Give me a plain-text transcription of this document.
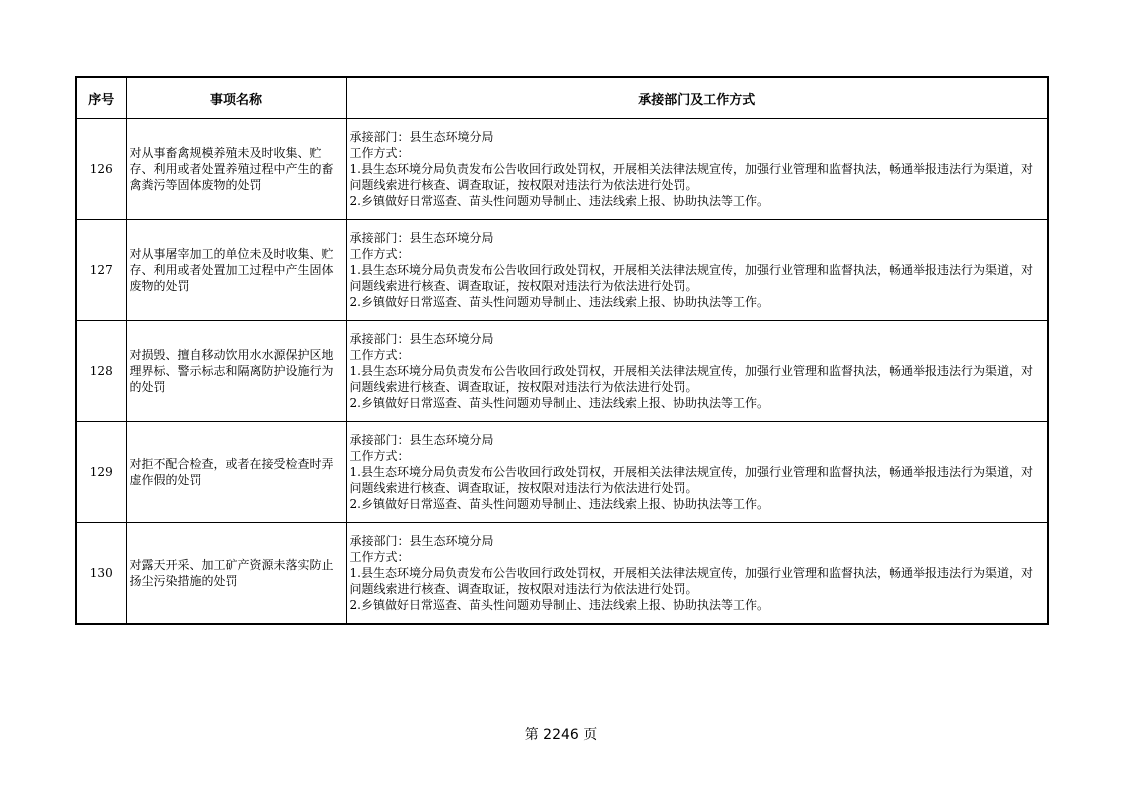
序号	事项名称	承接部门及工作方式
126	对从事畜禽规模养殖未及时收集、贮存、利用或者处置养殖过程中产生的畜禽粪污等固体废物的处罚	承接部门：县生态环境分局
工作方式：
1.县生态环境分局负责发布公告收回行政处罚权，开展相关法律法规宣传，加强行业管理和监督执法，畅通举报违法行为渠道，对问题线索进行核查、调查取证，按权限对违法行为依法进行处罚。
2.乡镇做好日常巡查、苗头性问题劝导制止、违法线索上报、协助执法等工作。

127	对从事屠宰加工的单位未及时收集、贮存、利用或者处置加工过程中产生固体废物的处罚	承接部门：县生态环境分局
工作方式：
1.县生态环境分局负责发布公告收回行政处罚权，开展相关法律法规宣传，加强行业管理和监督执法，畅通举报违法行为渠道，对问题线索进行核查、调查取证，按权限对违法行为依法进行处罚。
2.乡镇做好日常巡查、苗头性问题劝导制止、违法线索上报、协助执法等工作。

128	对损毁、擅自移动饮用水水源保护区地理界标、警示标志和隔离防护设施行为的处罚	承接部门：县生态环境分局
工作方式：
1.县生态环境分局负责发布公告收回行政处罚权，开展相关法律法规宣传，加强行业管理和监督执法，畅通举报违法行为渠道，对问题线索进行核查、调查取证，按权限对违法行为依法进行处罚。
2.乡镇做好日常巡查、苗头性问题劝导制止、违法线索上报、协助执法等工作。

129	对拒不配合检查，或者在接受检查时弄虚作假的处罚	承接部门：县生态环境分局
工作方式：
1.县生态环境分局负责发布公告收回行政处罚权，开展相关法律法规宣传，加强行业管理和监督执法，畅通举报违法行为渠道，对问题线索进行核查、调查取证，按权限对违法行为依法进行处罚。
2.乡镇做好日常巡查、苗头性问题劝导制止、违法线索上报、协助执法等工作。

130	对露天开采、加工矿产资源未落实防止扬尘污染措施的处罚	承接部门：县生态环境分局
工作方式：
1.县生态环境分局负责发布公告收回行政处罚权，开展相关法律法规宣传，加强行业管理和监督执法，畅通举报违法行为渠道，对问题线索进行核查、调查取证，按权限对违法行为依法进行处罚。
2.乡镇做好日常巡查、苗头性问题劝导制止、违法线索上报、协助执法等工作。
第 2246 页
